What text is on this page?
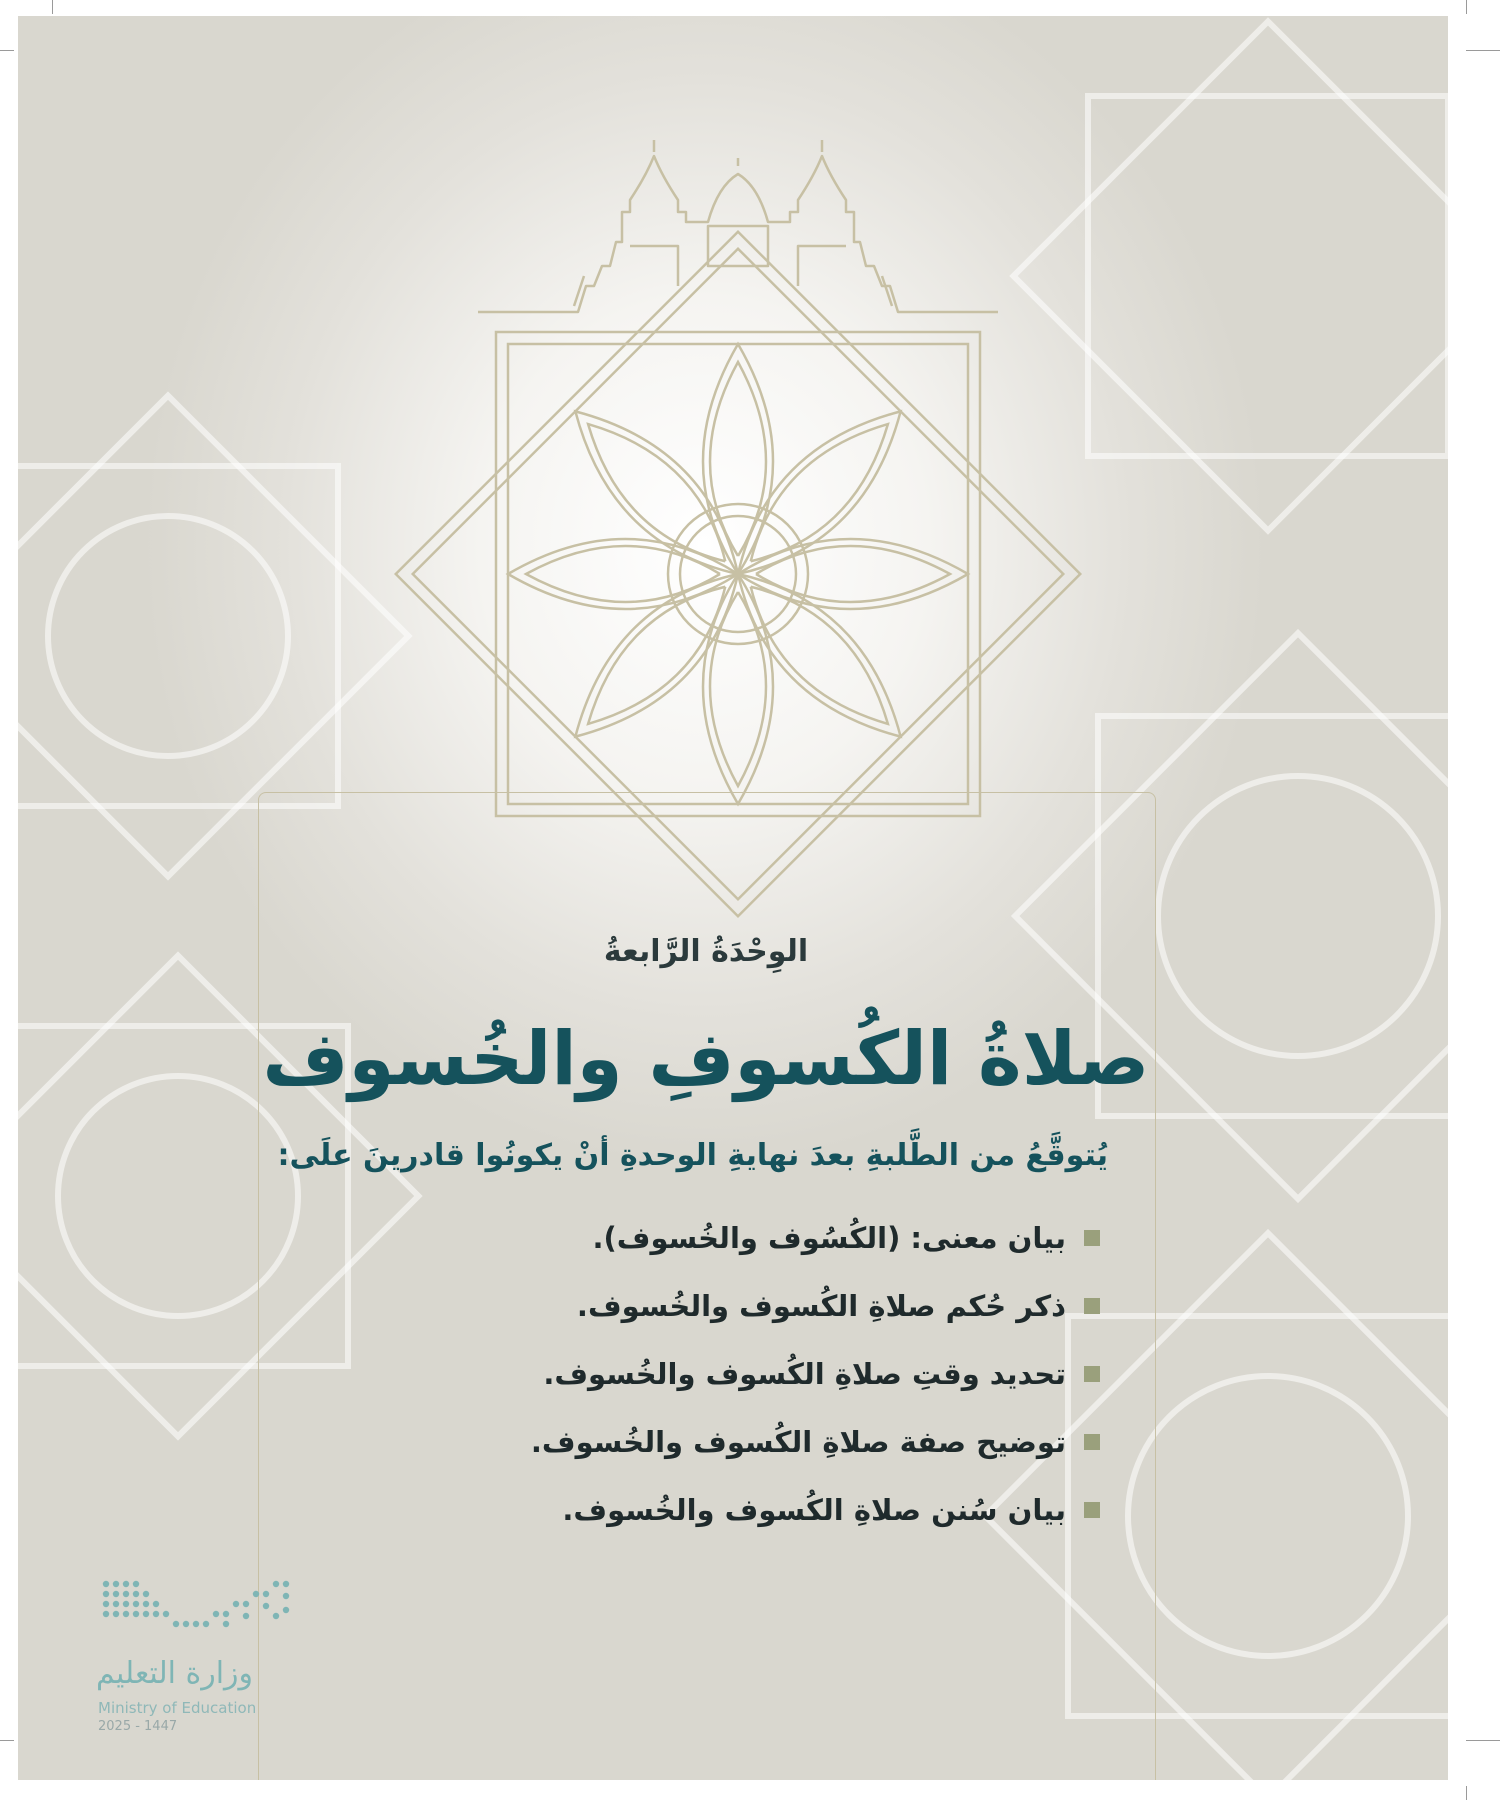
الوِحْدَةُ الرَّابعةُ
صلاةُ الكُسوفِ والخُسوف
يُتوقَّعُ من الطَّلبةِ بعدَ نهايةِ الوحدةِ أنْ يكونُوا قادرينَ علَى:
بيان معنى: (الكُسُوف والخُسوف).
ذكر حُكم صلاةِ الكُسوف والخُسوف.
تحديد وقتِ صلاةِ الكُسوف والخُسوف.
توضيح صفة صلاةِ الكُسوف والخُسوف.
بيان سُنن صلاةِ الكُسوف والخُسوف.
وزارة التعليم
Ministry of Education
2025 - 1447
